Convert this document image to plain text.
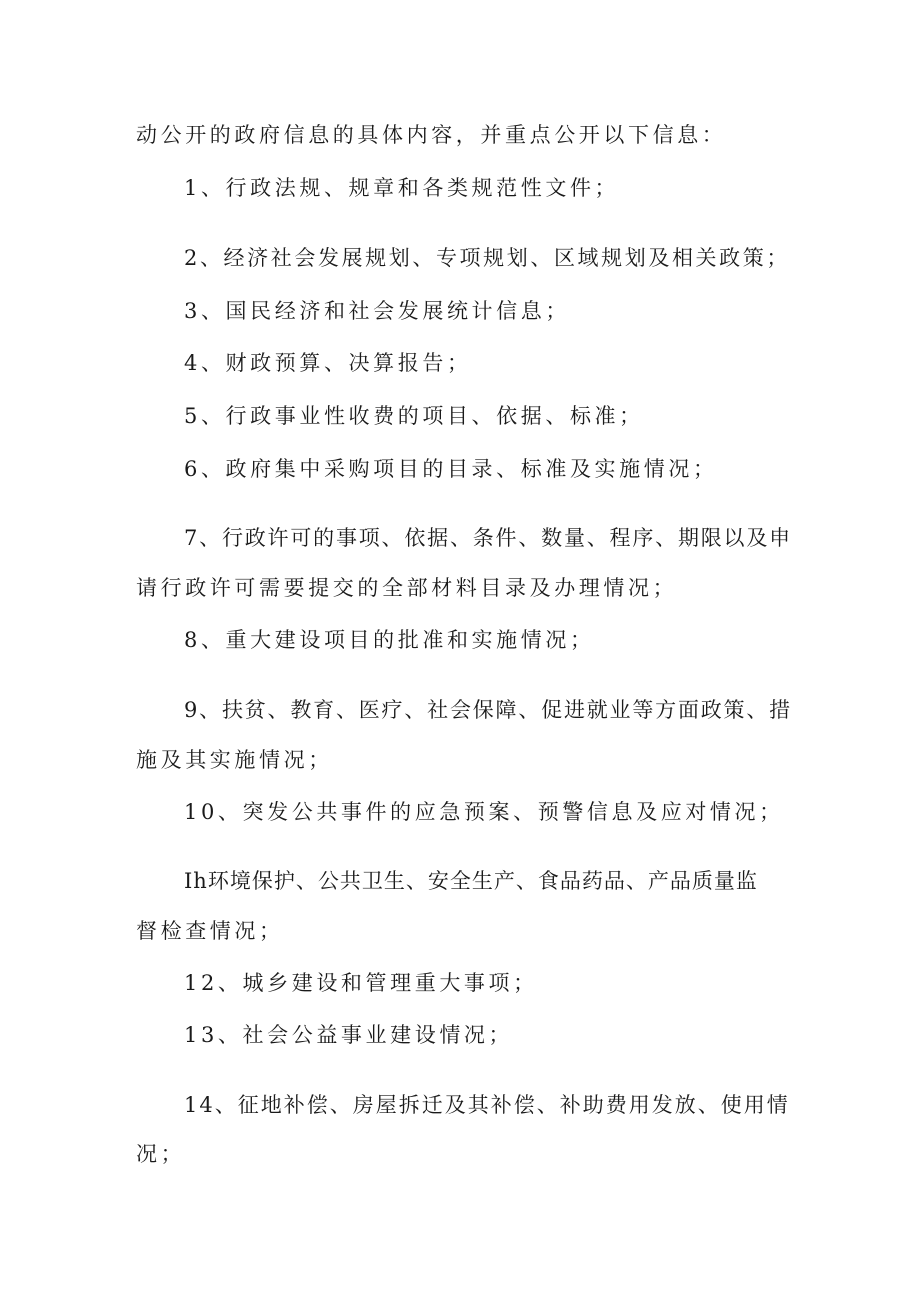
动公开的政府信息的具体内容，并重点公开以下信息：

1、行政法规、规章和各类规范性文件；

2、经济社会发展规划、专项规划、区域规划及相关政策；

3、国民经济和社会发展统计信息；

4、财政预算、决算报告；

5、行政事业性收费的项目、依据、标准；

6、政府集中采购项目的目录、标准及实施情况；

7、行政许可的事项、依据、条件、数量、程序、期限以及申

请行政许可需要提交的全部材料目录及办理情况；

8、重大建设项目的批准和实施情况；

9、扶贫、教育、医疗、社会保障、促进就业等方面政策、措

施及其实施情况；

10、突发公共事件的应急预案、预警信息及应对情况；

Ih环境保护、公共卫生、安全生产、食品药品、产品质量监

督检查情况；

12、城乡建设和管理重大事项；

13、社会公益事业建设情况；

14、征地补偿、房屋拆迁及其补偿、补助费用发放、使用情

况；
